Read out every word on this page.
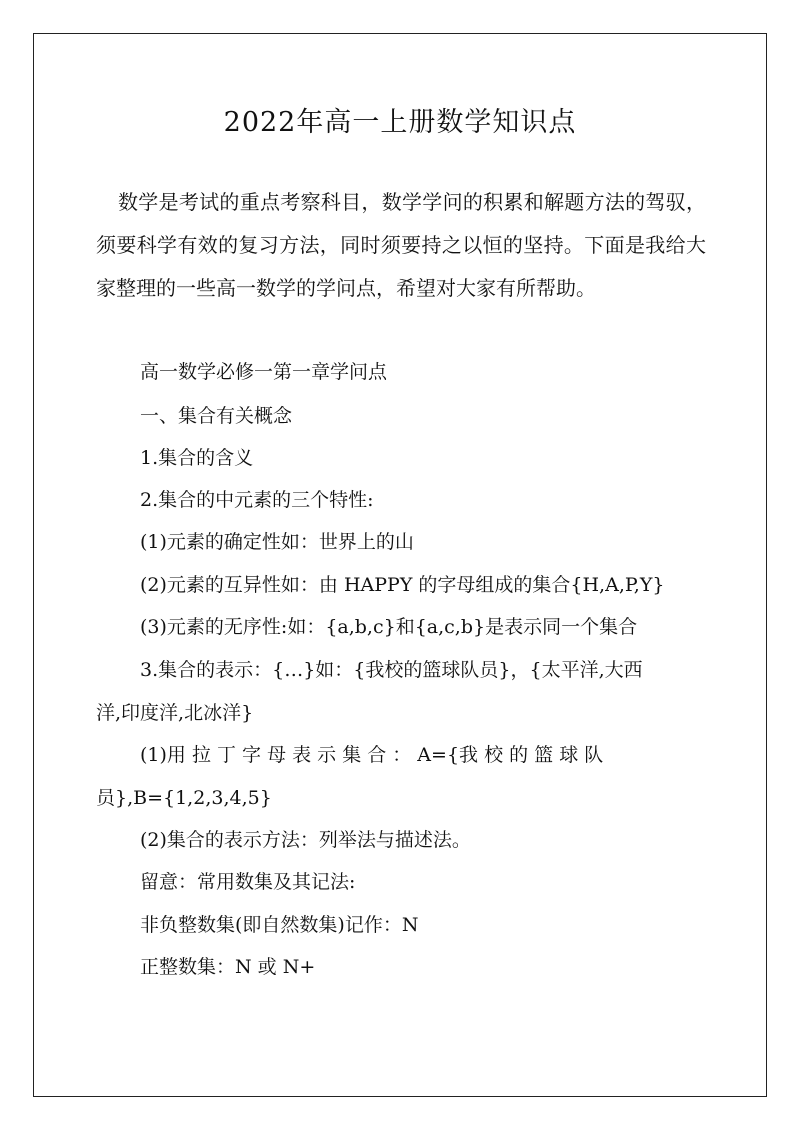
2022年高一上册数学知识点
数学是考试的重点考察科目，数学学问的积累和解题方法的驾驭，须要科学有效的复习方法，同时须要持之以恒的坚持。下面是我给大家整理的一些高一数学的学问点，希望对大家有所帮助。
高一数学必修一第一章学问点
一、集合有关概念
1.集合的含义
2.集合的中元素的三个特性:
(1)元素的确定性如：世界上的山
(2)元素的互异性如：由 HAPPY 的字母组成的集合{H,A,P,Y}
(3)元素的无序性:如：{a,b,c}和{a,c,b}是表示同一个集合
3.集合的表示：{…}如：{我校的篮球队员}，{太平洋,大西
洋,印度洋,北冰洋}
(1)用 拉 丁 字 母 表 示 集 合 ： A={我 校 的 篮 球 队
员},B={1,2,3,4,5}
(2)集合的表示方法：列举法与描述法。
留意：常用数集及其记法:
非负整数集(即自然数集)记作：N
正整数集：N 或 N+
